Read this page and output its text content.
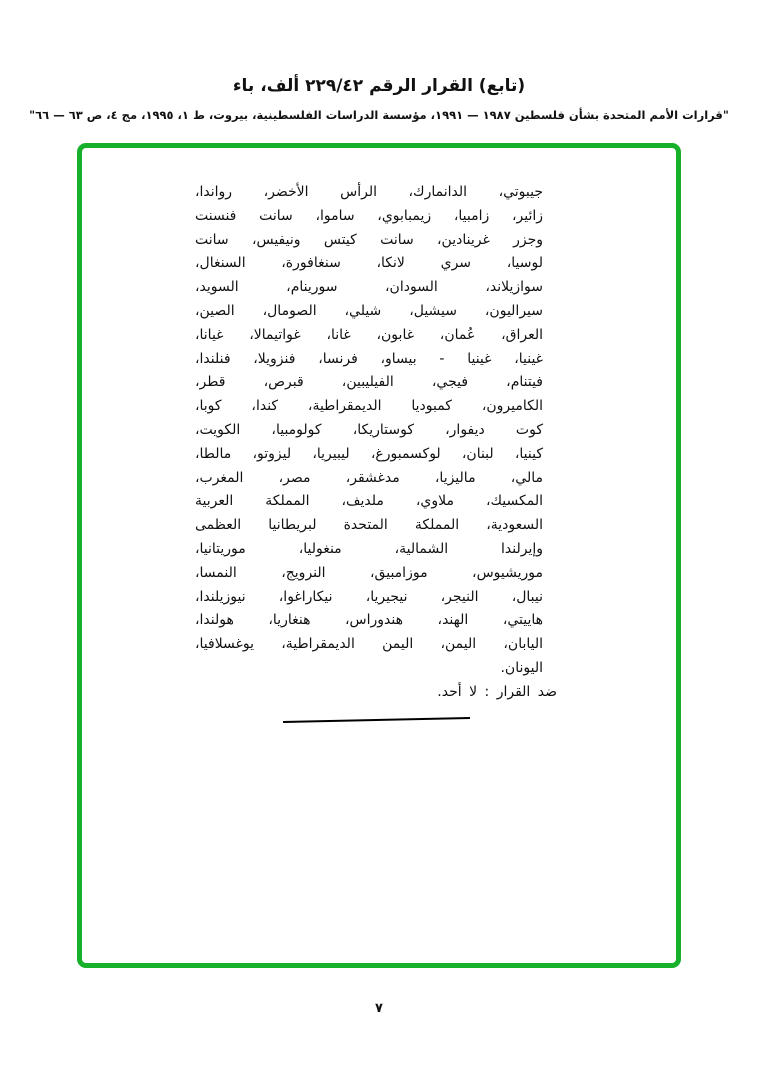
(تابع) القرار الرقم ٢٢٩/٤٢ ألف، باء
"قرارات الأمم المتحدة بشأن فلسطين ١٩٨٧ — ١٩٩١، مؤسسة الدراسات الفلسطينية، بيروت، ط ١، ١٩٩٥، مج ٤، ص ٦٣ — ٦٦"
جيبوتي، الدانمارك، الرأس الأخضر، رواندا،
زائير، زامبيا، زيمبابوي، ساموا، سانت فنسنت
وجزر غرينادين، سانت كيتس ونيفيس، سانت
لوسيا، سري لانكا، سنغافورة، السنغال،
سوازيلاند، السودان، سورينام، السويد،
سيراليون، سيشيل، شيلي، الصومال، الصين،
العراق، عُمان، غابون، غانا، غواتيمالا، غيانا،
غينيا، غينيا - بيساو، فرنسا، فنزويلا، فنلندا،
فيتنام، فيجي، الفيليبين، قبرص، قطر،
الكاميرون، كمبوديا الديمقراطية، كندا، كوبا،
كوت ديفوار، كوستاريكا، كولومبيا، الكويت،
كينيا، لبنان، لوكسمبورغ، ليبيريا، ليزوتو، مالطا،
مالي، ماليزيا، مدغشقر، مصر، المغرب،
المكسيك، ملاوي، ملديف، المملكة العربية
السعودية، المملكة المتحدة لبريطانيا العظمى
وإيرلندا الشمالية، منغوليا، موريتانيا،
موريشيوس، موزامبيق، النرويج، النمسا،
نيبال، النيجر، نيجيريا، نيكاراغوا، نيوزيلندا،
هاييتي، الهند، هندوراس، هنغاريا، هولندا،
اليابان، اليمن، اليمن الديمقراطية، يوغسلافيا،
اليونان.
ضد القرار : لا أحد.
٧
